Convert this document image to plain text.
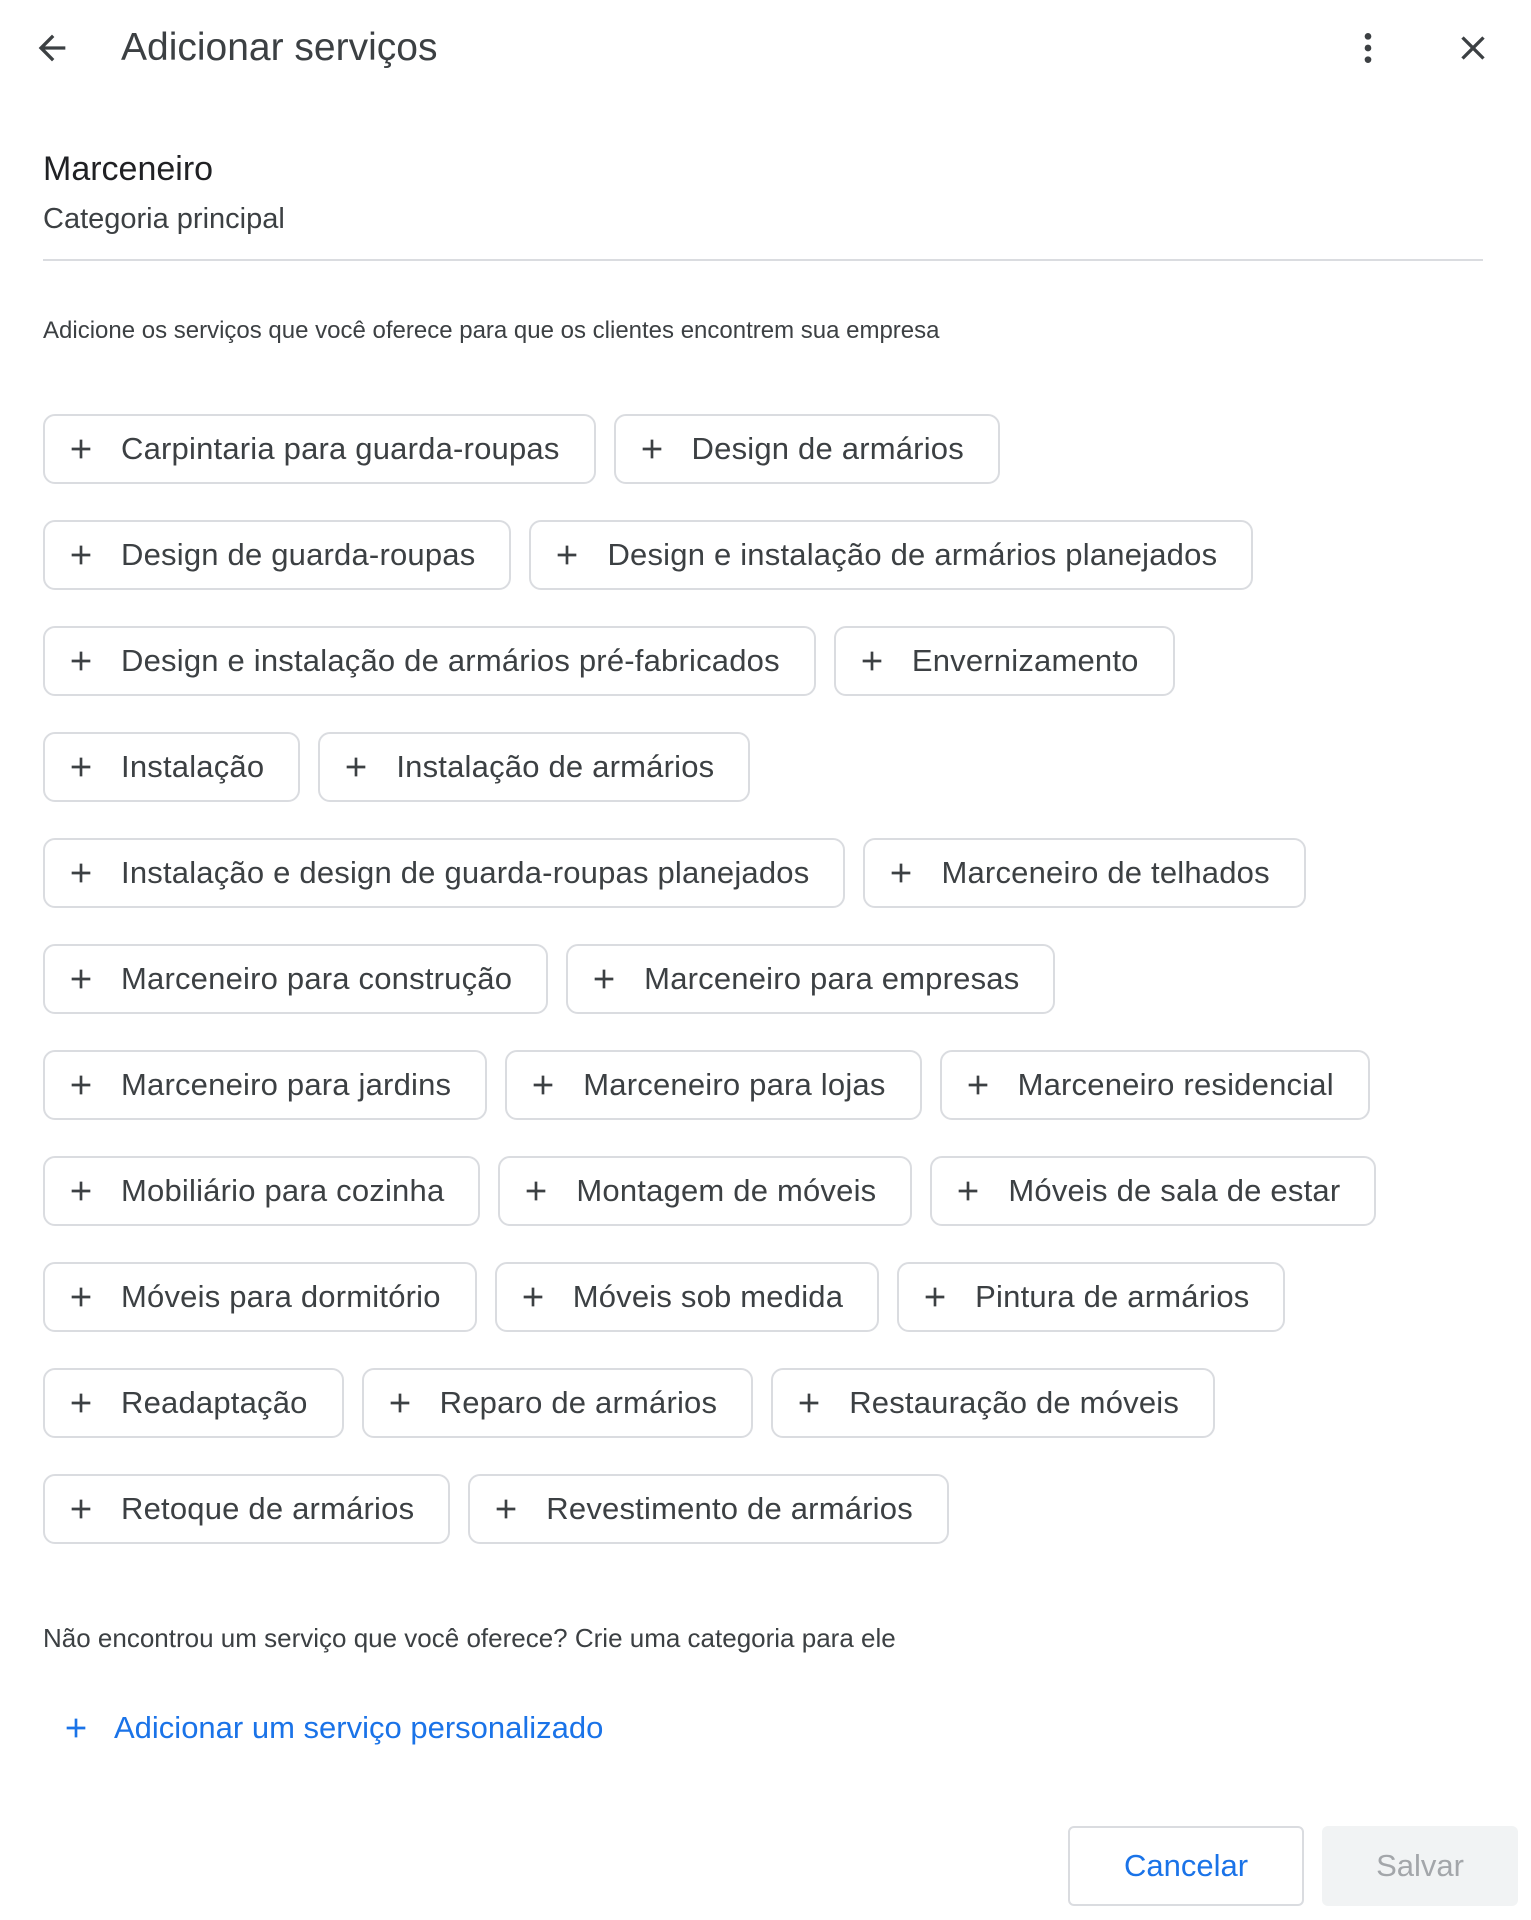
Adicionar serviços
Marceneiro
Categoria principal
Adicione os serviços que você oferece para que os clientes encontrem sua empresa
Carpintaria para guarda-roupas	Design de armários
Design de guarda-roupas	Design e instalação de armários planejados
Design e instalação de armários pré-fabricados	Envernizamento
Instalação	Instalação de armários
Instalação e design de guarda-roupas planejados	Marceneiro de telhados
Marceneiro para construção	Marceneiro para empresas
Marceneiro para jardins	Marceneiro para lojas	Marceneiro residencial
Mobiliário para cozinha	Montagem de móveis	Móveis de sala de estar
Móveis para dormitório	Móveis sob medida	Pintura de armários
Readaptação	Reparo de armários	Restauração de móveis
Retoque de armários	Revestimento de armários
Não encontrou um serviço que você oferece? Crie uma categoria para ele
Adicionar um serviço personalizado
Cancelar	Salvar
